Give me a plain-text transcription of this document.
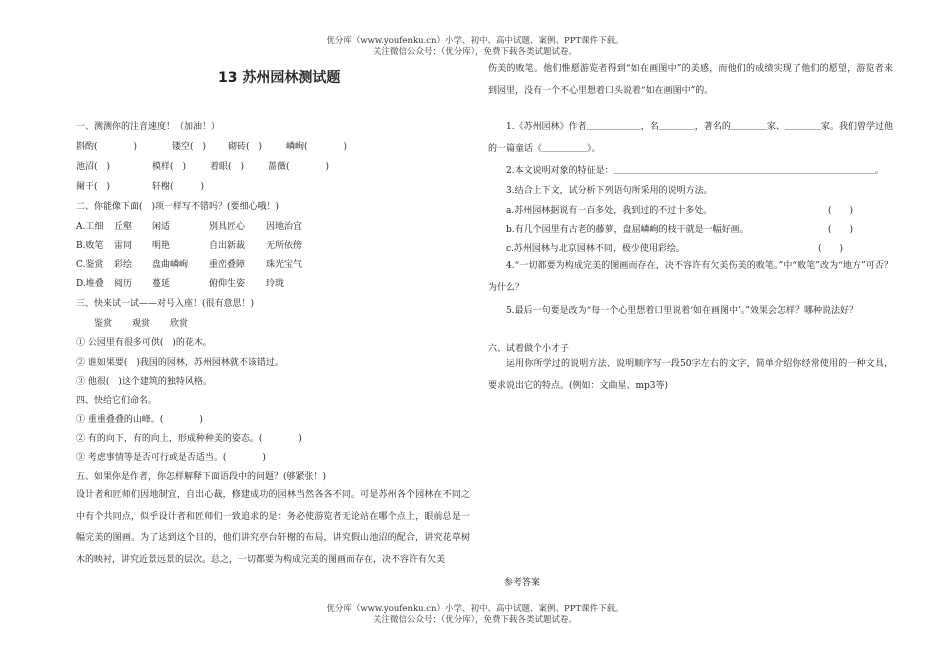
优分库（www.youfenku.cn）小学、初中、高中试题、案例、PPT课件下载。
关注微信公众号：（优分库），免费下载各类试题试卷。
13 苏州园林测试题
一、测测你的注音速度！（加油！）
斟酌(　　　　)	镂空(　) 砌砖(　)	嶙峋(　　　　)
池沼(　)	模样(　)	着眼(　)	蔷薇(　　　　)
阑干(　)	轩榭(　　　)
二、你能像下面(　)项一样写不错吗？(要细心哦！)
A.工细 丘壑 闲适	别具匠心 因地治宜
B.败笔 雷同 明艳	自出新裁 无所依傍
C.鉴赏 彩绘 盘曲嶙峋 重峦叠障 珠光宝气
D.堆叠 阅历 蔓延	俯仰生姿 玲珑
三、快来试一试——对号入座！(很有意思！)
鉴赏 观赏 欣赏
① 公园里有很多可供(　)的花木。
② 谁如果要(　)我国的园林，苏州园林就不该错过。
③ 他很(　)这个建筑的独特风格。
四、快给它们命名。
① 重重叠叠的山峰。(　　　　)
② 有的向下，有的向上，形成种种美的姿态。(　　　　)
③ 考虑事情等是否可行或是否适当。(　　　　)
五、如果你是作者，你怎样解释下面语段中的问题？(够紧张！)
设计者和匠师们因地制宜，自出心裁，修建成功的园林当然各各不同。可是苏州各个园林在不同之中有个共同点，似乎设计者和匠师们一致追求的是：务必使游览者无论站在哪个点上，眼前总是一幅完美的图画。为了达到这个目的，他们讲究亭台轩榭的布局，讲究假山池沼的配合，讲究花草树木的映衬，讲究近景远景的层次。总之，一切都要为构成完美的图画而存在，决不容许有欠美
伤美的败笔。他们惟愿游览者得到“如在画图中”的美感，而他们的成绩实现了他们的愿望，游览者来到园里，没有一个不心里想着口头说着“如在画图中”的。
1.《苏州园林》作者＿＿＿＿＿＿，名＿＿＿＿，著名的＿＿＿＿家、＿＿＿＿家。我们曾学过他的一篇童话《＿＿＿＿＿》。
2.本文说明对象的特征是：＿＿＿＿＿＿＿＿＿＿＿＿＿＿＿＿＿＿＿＿＿＿＿＿＿＿＿＿＿。
3.结合上下文，试分析下列语句所采用的说明方法。
a.苏州园林据说有一百多处，我到过的不过十多处。	(　　)
b.有几个园里有古老的藤萝，盘屈嶙峋的枝干就是一幅好画。	(　　)
c.苏州园林与北京园林不同，极少使用彩绘。	(　　)
4.“一切都要为构成完美的图画而存在，决不容许有欠美伤美的败笔。”中“败笔”改为“地方”可否？为什么？
5.最后一句要是改为“每一个心里想着口里说着‘如在画图中’。”效果会怎样？哪种说法好？
六、试着做个小才子
运用你所学过的说明方法、说明顺序写一段50字左右的文字，简单介绍你经常使用的一种文具，要求说出它的特点。(例如：文曲星、mp3等)
参考答案
优分库（www.youfenku.cn）小学、初中、高中试题、案例、PPT课件下载。
关注微信公众号：（优分库），免费下载各类试题试卷。
